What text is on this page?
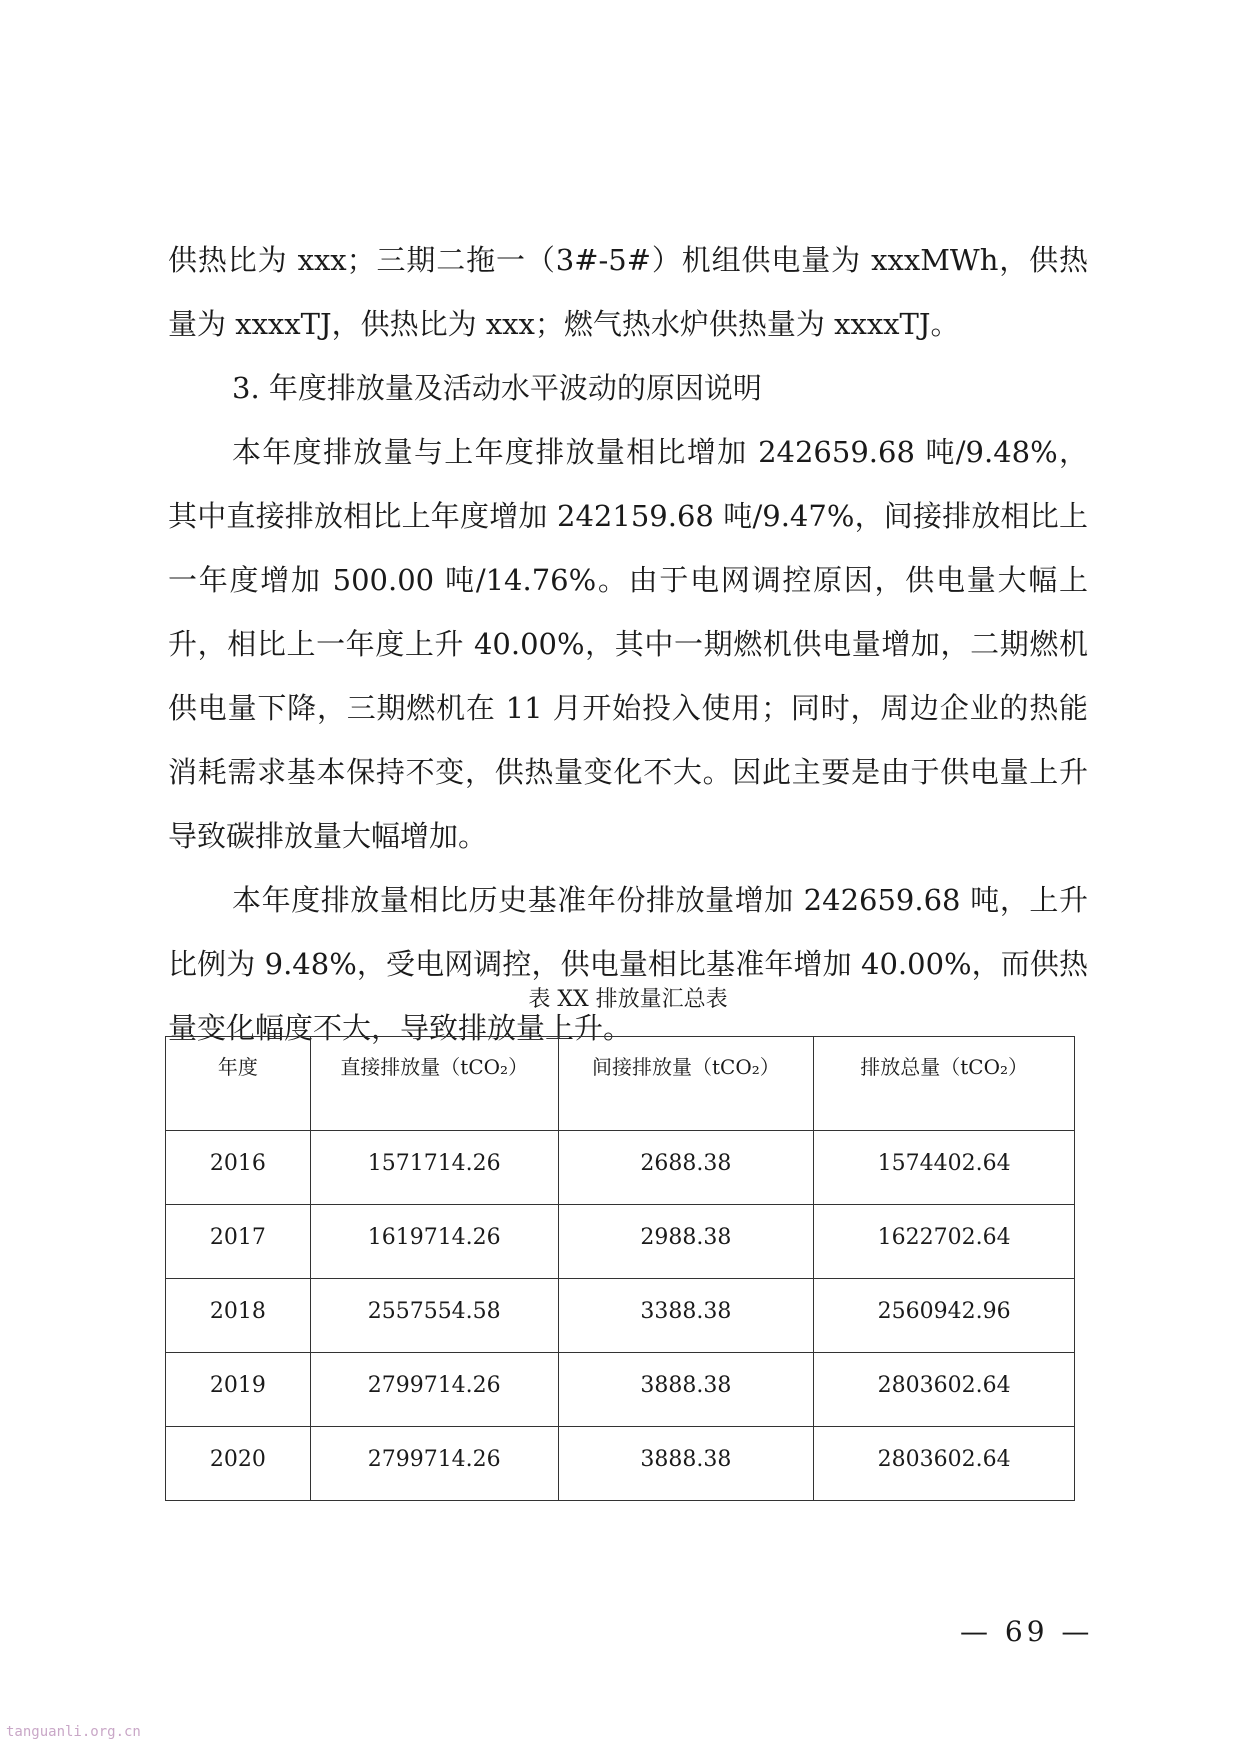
供热比为 xxx；三期二拖一（3#-5#）机组供电量为 xxxMWh，供热量为 xxxxTJ，供热比为 xxx；燃气热水炉供热量为 xxxxTJ。

3. 年度排放量及活动水平波动的原因说明

本年度排放量与上年度排放量相比增加 242659.68 吨/9.48%，其中直接排放相比上年度增加 242159.68 吨/9.47%，间接排放相比上一年度增加 500.00 吨/14.76%。由于电网调控原因，供电量大幅上升，相比上一年度上升 40.00%，其中一期燃机供电量增加，二期燃机供电量下降，三期燃机在 11 月开始投入使用；同时，周边企业的热能消耗需求基本保持不变，供热量变化不大。因此主要是由于供电量上升导致碳排放量大幅增加。

本年度排放量相比历史基准年份排放量增加 242659.68 吨，上升比例为 9.48%，受电网调控，供电量相比基准年增加 40.00%，而供热量变化幅度不大，导致排放量上升。

表 XX 排放量汇总表
年度	直接排放量（tCO₂）	间接排放量（tCO₂）	排放总量（tCO₂）
2016	1571714.26	2688.38	1574402.64
2017	1619714.26	2988.38	1622702.64
2018	2557554.58	3388.38	2560942.96
2019	2799714.26	3888.38	2803602.64
2020	2799714.26	3888.38	2803602.64
— 69 —
tanguanli.org.cn
